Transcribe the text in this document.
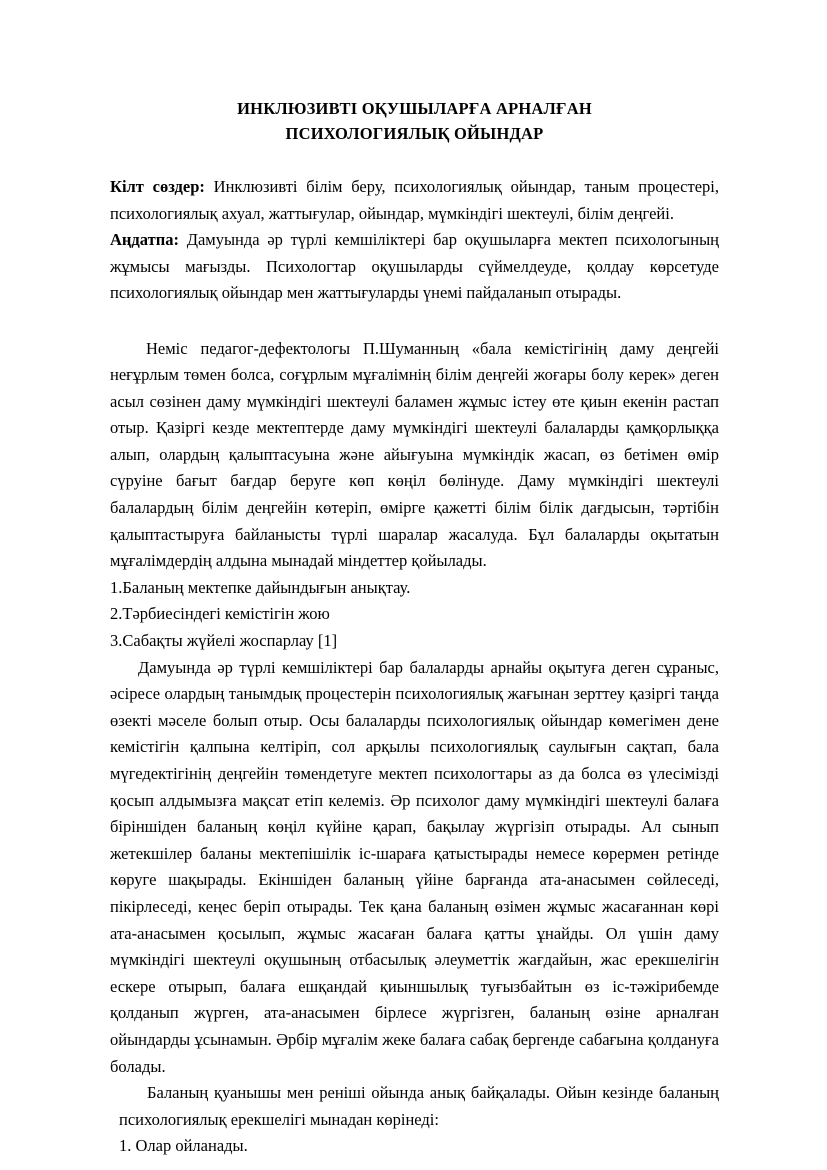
ИНКЛЮЗИВТІ ОҚУШЫЛАРҒА АРНАЛҒАН
ПСИХОЛОГИЯЛЫҚ ОЙЫНДАР

Кілт сөздер: Инклюзивті білім беру, психологиялық ойындар, таным процестері, психологиялық ахуал, жаттығулар, ойындар, мүмкіндігі шектеулі, білім деңгейі.

Аңдатпа: Дамуында әр түрлі кемшіліктері бар оқушыларға мектеп психологының жұмысы мағызды. Психологтар оқушыларды сүймелдеуде, қолдау көрсетуде психологиялық ойындар мен жаттығуларды үнемі пайдаланып отырады.

Неміс педагог-дефектологы П.Шуманның «бала кемістігінің даму деңгейі неғұрлым төмен болса, соғұрлым мұғалімнің білім деңгейі жоғары болу керек» деген асыл сөзінен даму мүмкіндігі шектеулі баламен жұмыс істеу өте қиын екенін растап отыр. Қазіргі кезде мектептерде даму мүмкіндігі шектеулі балаларды қамқорлыққа алып, олардың қалыптасуына және айығуына мүмкіндік жасап, өз бетімен өмір сүруіне бағыт бағдар беруге көп көңіл бөлінуде. Даму мүмкіндігі шектеулі балалардың білім деңгейін көтеріп, өмірге қажетті білім білік дағдысын, тәртібін қалыптастыруға байланысты түрлі шаралар жасалуда. Бұл балаларды оқытатын мұғалімдердің алдына мынадай міндеттер қойылады.

1.Баланың мектепке дайындығын анықтау.

2.Тәрбиесіндегі кемістігін жою

3.Сабақты жүйелі жоспарлау [1]

Дамуында әр түрлі кемшіліктері бар балаларды арнайы оқытуға деген сұраныс, әсіресе олардың танымдық процестерін психологиялық жағынан зерттеу қазіргі таңда өзекті мәселе болып отыр. Осы балаларды психологиялық ойындар көмегімен дене кемістігін қалпына келтіріп, сол арқылы психологиялық саулығын сақтап, бала мүгедектігінің деңгейін төмендетуге мектеп психологтары аз да болса өз үлесімізді қосып алдымызға мақсат етіп келеміз. Әр психолог даму мүмкіндігі шектеулі балаға біріншіден баланың көңіл күйіне қарап, бақылау жүргізіп отырады. Ал сынып жетекшілер баланы мектепішілік іс-шараға қатыстырады немесе көрермен ретінде көруге шақырады. Екіншіден баланың үйіне барғанда ата-анасымен сөйлеседі, пікірлеседі, кеңес беріп отырады. Тек қана баланың өзімен жұмыс жасағаннан көрі ата-анасымен қосылып, жұмыс жасаған балаға қатты ұнайды. Ол үшін даму мүмкіндігі шектеулі оқушының отбасылық әлеуметтік жағдайын, жас ерекшелігін ескере отырып, балаға ешқандай қиыншылық туғызбайтын өз іс-тәжірибемде қолданып жүрген, ата-анасымен бірлесе жүргізген, баланың өзіне арналған ойындарды ұсынамын. Әрбір мұғалім жеке балаға сабақ бергенде сабағына қолдануға болады.

Баланың қуанышы мен реніші ойында анық байқалады. Ойын кезінде баланың психологиялық ерекшелігі мынадан көрінеді:

1. Олар ойланады.
